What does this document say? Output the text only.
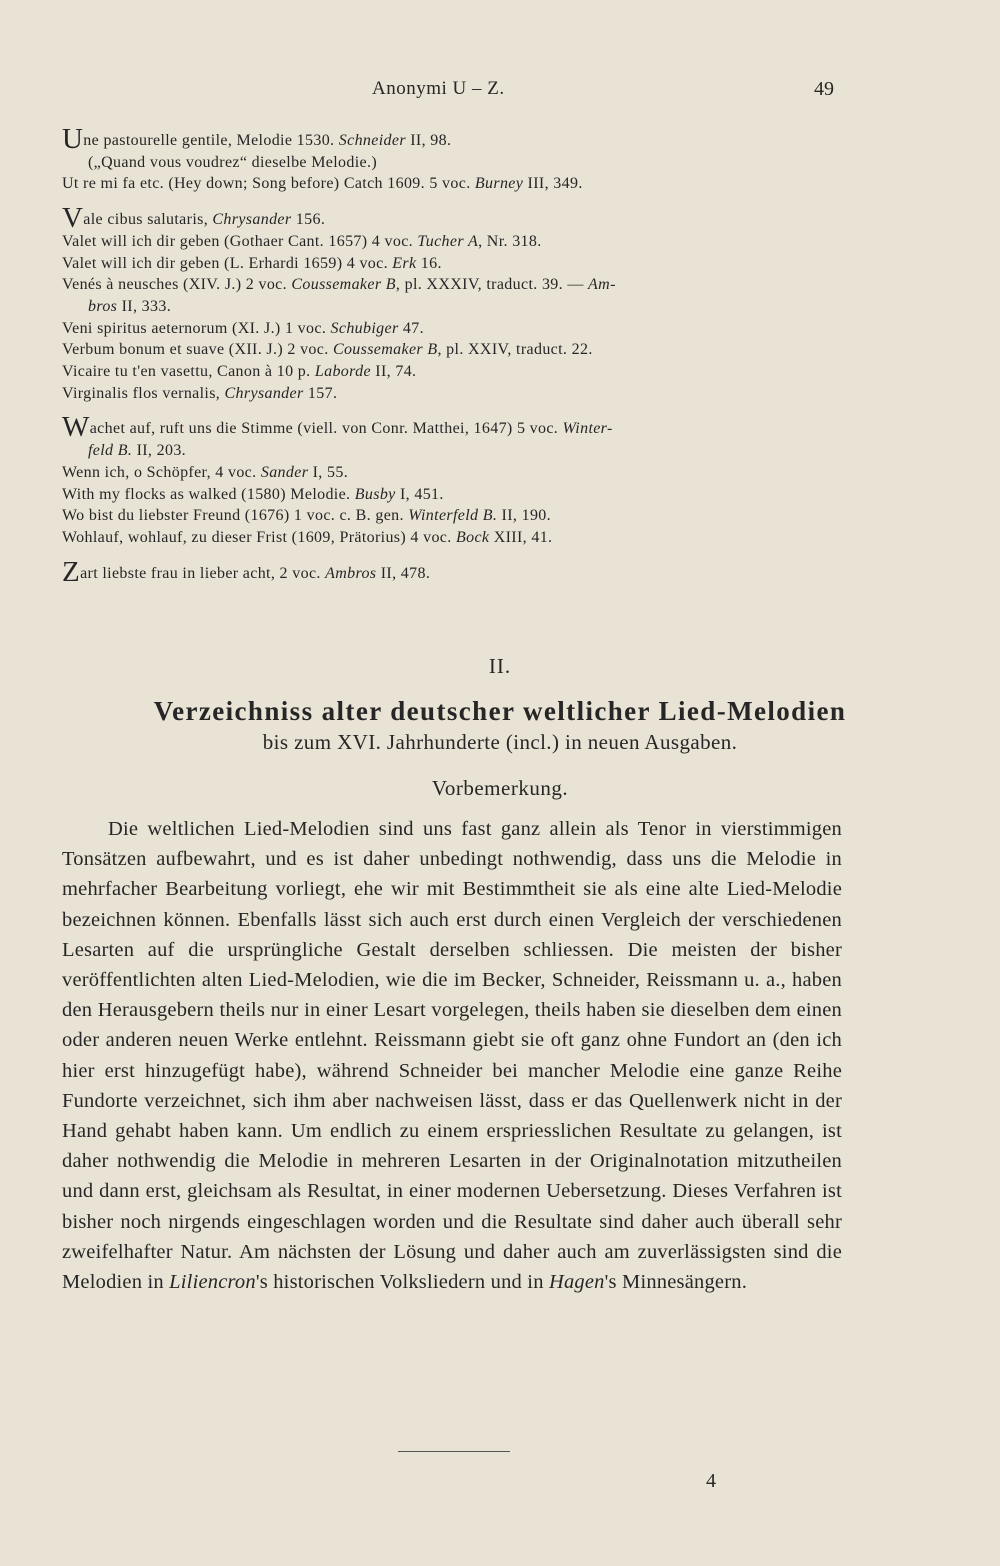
Anonymi U – Z.	49
Une pastourelle gentile, Melodie 1530. Schneider II, 98.
(„Quand vous voudrez“ dieselbe Melodie.)
Ut re mi fa etc. (Hey down; Song before) Catch 1609. 5 voc. Burney III, 349.
Vale cibus salutaris, Chrysander 156.
Valet will ich dir geben (Gothaer Cant. 1657) 4 voc. Tucher A, Nr. 318.
Valet will ich dir geben (L. Erhardi 1659) 4 voc. Erk 16.
Venés à neusches (XIV. J.) 2 voc. Coussemaker B, pl. XXXIV, traduct. 39. — Am-
bros II, 333.
Veni spiritus aeternorum (XI. J.) 1 voc. Schubiger 47.
Verbum bonum et suave (XII. J.) 2 voc. Coussemaker B, pl. XXIV, traduct. 22.
Vicaire tu t'en vasettu, Canon à 10 p. Laborde II, 74.
Virginalis flos vernalis, Chrysander 157.
Wachet auf, ruft uns die Stimme (viell. von Conr. Matthei, 1647) 5 voc. Winter-
feld B. II, 203.
Wenn ich, o Schöpfer, 4 voc. Sander I, 55.
With my flocks as walked (1580) Melodie. Busby I, 451.
Wo bist du liebster Freund (1676) 1 voc. c. B. gen. Winterfeld B. II, 190.
Wohlauf, wohlauf, zu dieser Frist (1609, Prätorius) 4 voc. Bock XIII, 41.
Zart liebste frau in lieber acht, 2 voc. Ambros II, 478.
II.
Verzeichniss alter deutscher weltlicher Lied-Melodien
bis zum XVI. Jahrhunderte (incl.) in neuen Ausgaben.
Vorbemerkung.

Die weltlichen Lied-Melodien sind uns fast ganz allein als Tenor in vierstimmigen Tonsätzen aufbewahrt, und es ist daher unbedingt nothwendig, dass uns die Melodie in mehrfacher Bearbeitung vorliegt, ehe wir mit Bestimmtheit sie als eine alte Lied-Melodie bezeichnen können. Ebenfalls lässt sich auch erst durch einen Vergleich der verschiedenen Lesarten auf die ursprüngliche Gestalt derselben schliessen. Die meisten der bisher veröffentlichten alten Lied-Melodien, wie die im Becker, Schneider, Reissmann u. a., haben den Herausgebern theils nur in einer Lesart vorgelegen, theils haben sie dieselben dem einen oder anderen neuen Werke entlehnt. Reissmann giebt sie oft ganz ohne Fundort an (den ich hier erst hinzugefügt habe), während Schneider bei mancher Melodie eine ganze Reihe Fundorte verzeichnet, sich ihm aber nachweisen lässt, dass er das Quellenwerk nicht in der Hand gehabt haben kann. Um endlich zu einem erspriesslichen Resultate zu gelangen, ist daher nothwendig die Melodie in mehreren Lesarten in der Originalnotation mitzutheilen und dann erst, gleichsam als Resultat, in einer modernen Uebersetzung. Dieses Verfahren ist bisher noch nirgends eingeschlagen worden und die Resultate sind daher auch überall sehr zweifelhafter Natur. Am nächsten der Lösung und daher auch am zuverlässigsten sind die Melodien in Liliencron's historischen Volksliedern und in Hagen's Minnesängern.

4
